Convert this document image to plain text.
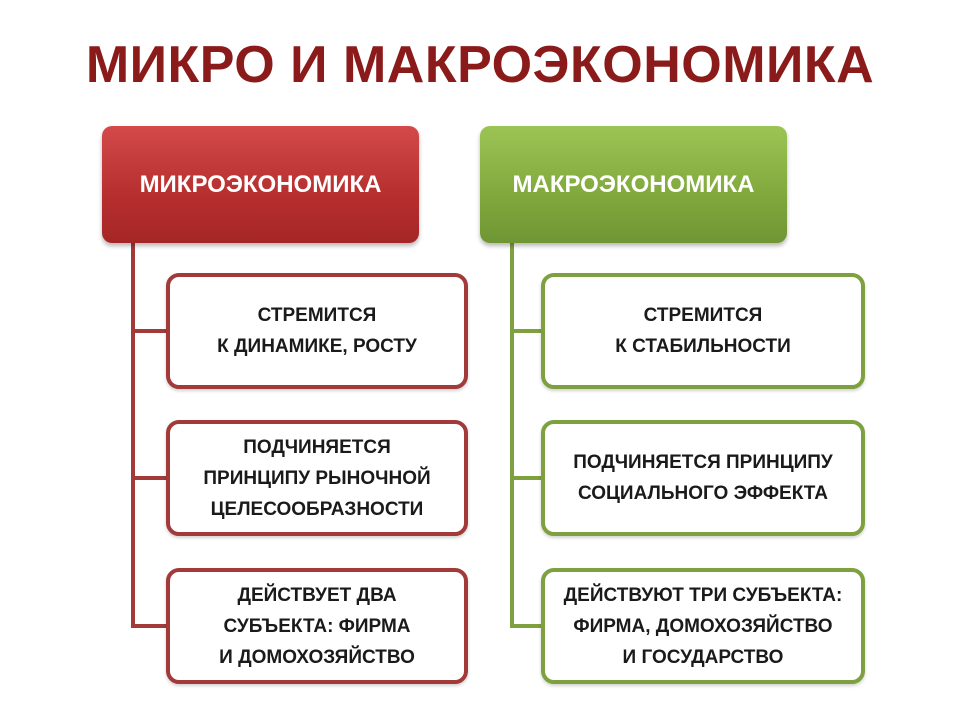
МИКРО И МАКРОЭКОНОМИКА
МИКРОЭКОНОМИКА	МАКРОЭКОНОМИКА
СТРЕМИТСЯ
К ДИНАМИКЕ, РОСТУ
ПОДЧИНЯЕТСЯ
ПРИНЦИПУ РЫНОЧНОЙ
ЦЕЛЕСООБРАЗНОСТИ
ДЕЙСТВУЕТ ДВА
СУБЪЕКТА: ФИРМА
И ДОМОХОЗЯЙСТВО
СТРЕМИТСЯ
К СТАБИЛЬНОСТИ
ПОДЧИНЯЕТСЯ ПРИНЦИПУ
СОЦИАЛЬНОГО ЭФФЕКТА
ДЕЙСТВУЮТ ТРИ СУБЪЕКТА:
ФИРМА, ДОМОХОЗЯЙСТВО
И ГОСУДАРСТВО
